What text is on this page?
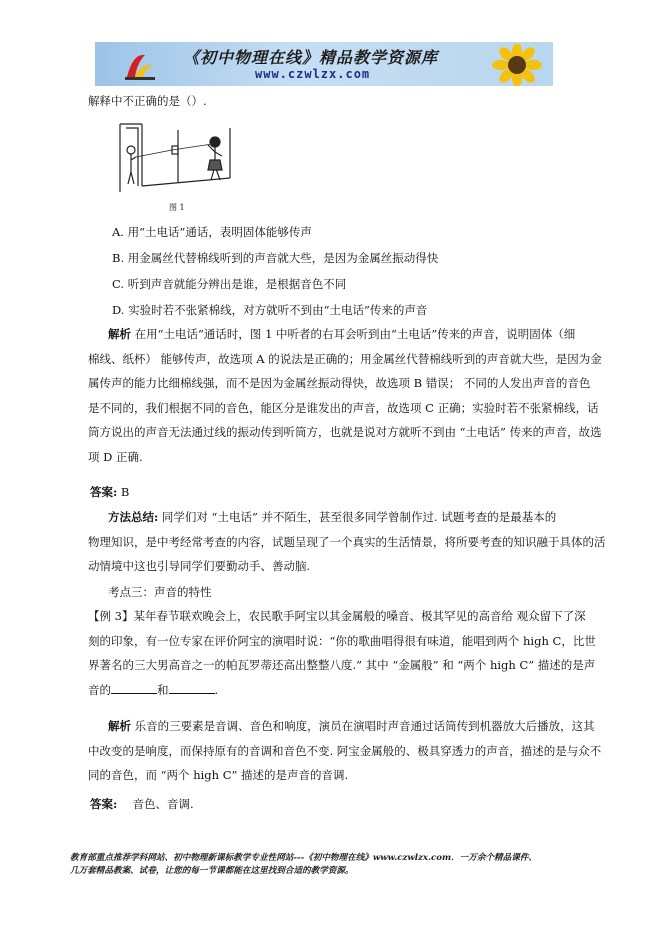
《初中物理在线》精品教学资源库
www.czwlzx.com
解释中不正确的是（）.
图 1
A. 用“土电话”通话，表明固体能够传声
B. 用金属丝代替棉线听到的声音就大些，是因为金属丝振动得快
C. 听到声音就能分辨出是谁，是根据音色不同
D. 实验时若不张紧棉线，对方就听不到由“土电话”传来的声音
解析 在用“土电话”通话时，图 1 中听者的右耳会听到由“土电话”传来的声音，说明固体（细
棉线、纸杯） 能够传声，故选项 A 的说法是正确的；用金属丝代替棉线听到的声音就大些，是因为金
属传声的能力比细棉线强，而不是因为金属丝振动得快，故选项 B 错误； 不同的人发出声音的音色
是不同的，我们根据不同的音色，能区分是谁发出的声音，故选项 C 正确；实验时若不张紧棉线，话
筒方说出的声音无法通过线的振动传到听筒方，也就是说对方就听不到由 “土电话” 传来的声音，故选
项 D 正确.
答案: B
方法总结: 同学们对 “土电话” 并不陌生，甚至很多同学曾制作过. 试题考查的是最基本的
物理知识，是中考经常考查的内容，试题呈现了一个真实的生活情景，将所要考查的知识融于具体的活
动情境中这也引导同学们要勤动手、善动脑.
考点三：声音的特性
【例 3】某年春节联欢晚会上，农民歌手阿宝以其金属般的嗓音、极其罕见的高音给 观众留下了深
刻的印象，有一位专家在评价阿宝的演唱时说：“你的歌曲唱得很有味道，能唱到两个 high C，比世
界著名的三大男高音之一的帕瓦罗蒂还高出整整八度.” 其中 “金属般” 和 “两个 high C” 描述的是声
音的	和	.
解析 乐音的三要素是音调、音色和响度，演员在演唱时声音通过话筒传到机器放大后播放，这其
中改变的是响度，而保持原有的音调和音色不变. 阿宝金属般的、极具穿透力的声音，描述的是与众不
同的音色，而 “两个 high C” 描述的是声音的音调.
答案: 音色、音调.
教育部重点推荐学科网站、初中物理新课标教学专业性网站---《初中物理在线》www.czwlzx.com．一万余个精品课件、
几万套精品教案、试卷，让您的每一节课都能在这里找到合适的教学资源。
